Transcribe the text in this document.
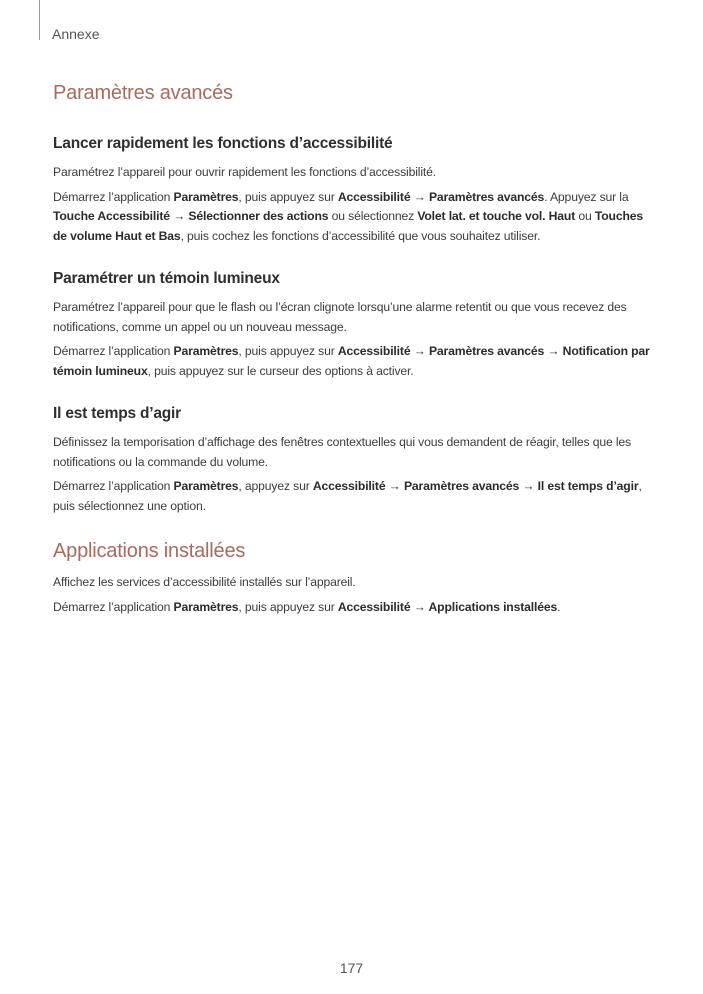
Annexe
Paramètres avancés
Lancer rapidement les fonctions d’accessibilité

Paramétrez l’appareil pour ouvrir rapidement les fonctions d’accessibilité.

Démarrez l’application Paramètres, puis appuyez sur Accessibilité → Paramètres avancés. Appuyez sur la Touche Accessibilité → Sélectionner des actions ou sélectionnez Volet lat. et touche vol. Haut ou Touches de volume Haut et Bas, puis cochez les fonctions d’accessibilité que vous souhaitez utiliser.

Paramétrer un témoin lumineux

Paramétrez l’appareil pour que le flash ou l’écran clignote lorsqu’une alarme retentit ou que vous recevez des notifications, comme un appel ou un nouveau message.

Démarrez l’application Paramètres, puis appuyez sur Accessibilité → Paramètres avancés → Notification par témoin lumineux, puis appuyez sur le curseur des options à activer.

Il est temps d’agir

Définissez la temporisation d’affichage des fenêtres contextuelles qui vous demandent de réagir, telles que les notifications ou la commande du volume.

Démarrez l’application Paramètres, appuyez sur Accessibilité → Paramètres avancés → Il est temps d’agir, puis sélectionnez une option.

Applications installées

Affichez les services d’accessibilité installés sur l’appareil.

Démarrez l’application Paramètres, puis appuyez sur Accessibilité → Applications installées.

177
